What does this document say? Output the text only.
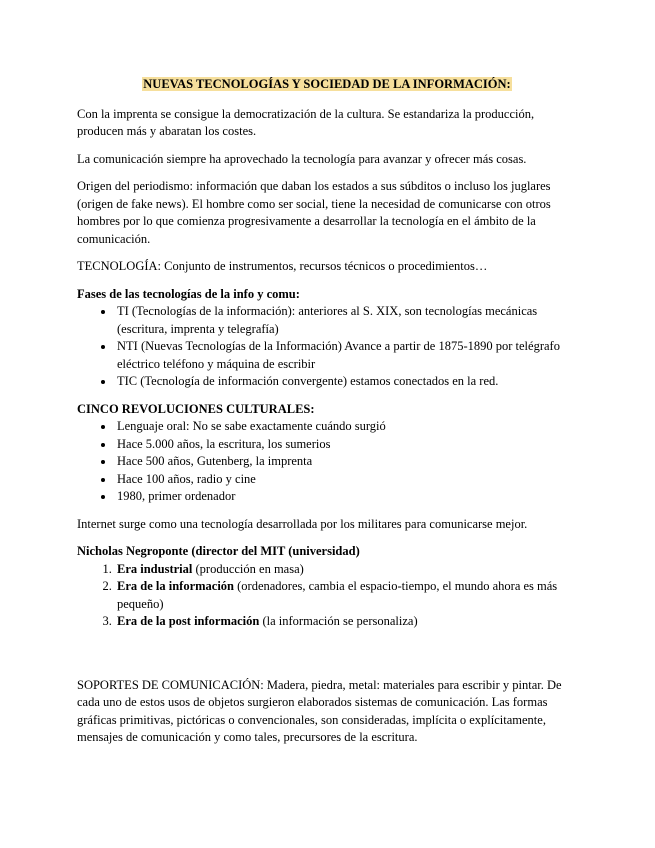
NUEVAS TECNOLOGÍAS Y SOCIEDAD DE LA INFORMACIÓN:

Con la imprenta se consigue la democratización de la cultura. Se estandariza la producción, producen más y abaratan los costes.

La comunicación siempre ha aprovechado la tecnología para avanzar y ofrecer más cosas.

Origen del periodismo: información que daban los estados a sus súbditos o incluso los juglares (origen de fake news). El hombre como ser social, tiene la necesidad de comunicarse con otros hombres por lo que comienza progresivamente a desarrollar la tecnología en el ámbito de la comunicación.

TECNOLOGÍA: Conjunto de instrumentos, recursos técnicos o procedimientos…

Fases de las tecnologías de la info y comu:
• TI (Tecnologías de la información): anteriores al S. XIX, son tecnologías mecánicas (escritura, imprenta y telegrafía)
• NTI (Nuevas Tecnologías de la Información) Avance a partir de 1875-1890 por telégrafo eléctrico teléfono y máquina de escribir
• TIC (Tecnología de información convergente) estamos conectados en la red.
CINCO REVOLUCIONES CULTURALES:
• Lenguaje oral: No se sabe exactamente cuándo surgió
• Hace 5.000 años, la escritura, los sumerios
• Hace 500 años, Gutenberg, la imprenta
• Hace 100 años, radio y cine
• 1980, primer ordenador

Internet surge como una tecnología desarrollada por los militares para comunicarse mejor.

Nicholas Negroponte (director del MIT (universidad)
1. Era industrial (producción en masa)
2. Era de la información (ordenadores, cambia el espacio-tiempo, el mundo ahora es más pequeño)
3. Era de la post información (la información se personaliza)

SOPORTES DE COMUNICACIÓN: Madera, piedra, metal: materiales para escribir y pintar. De cada uno de estos usos de objetos surgieron elaborados sistemas de comunicación. Las formas gráficas primitivas, pictóricas o convencionales, son consideradas, implícita o explícitamente, mensajes de comunicación y como tales, precursores de la escritura.
